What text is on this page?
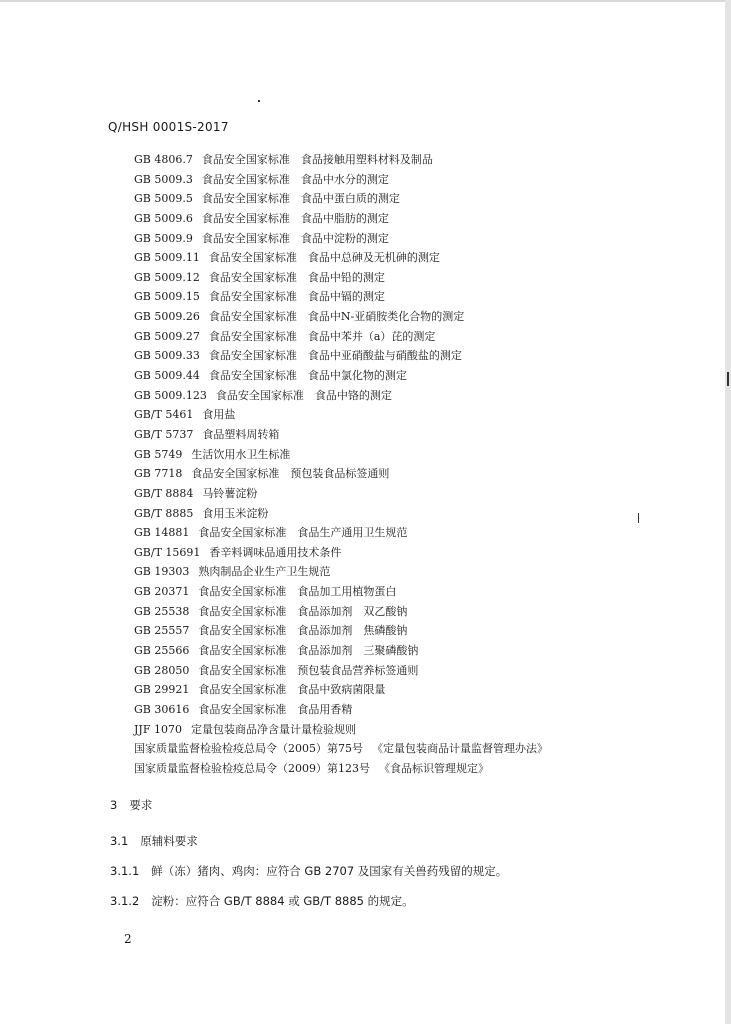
Q/HSH 0001S-2017
GB 4806.7 食品安全国家标准　食品接触用塑料材料及制品
GB 5009.3 食品安全国家标准　食品中水分的测定
GB 5009.5 食品安全国家标准　食品中蛋白质的测定
GB 5009.6 食品安全国家标准　食品中脂肪的测定
GB 5009.9 食品安全国家标准　食品中淀粉的测定
GB 5009.11 食品安全国家标准　食品中总砷及无机砷的测定
GB 5009.12 食品安全国家标准　食品中铅的测定
GB 5009.15 食品安全国家标准　食品中镉的测定
GB 5009.26 食品安全国家标准　食品中N-亚硝胺类化合物的测定
GB 5009.27 食品安全国家标准　食品中苯并（a）芘的测定
GB 5009.33 食品安全国家标准　食品中亚硝酸盐与硝酸盐的测定
GB 5009.44 食品安全国家标准　食品中氯化物的测定
GB 5009.123 食品安全国家标准　食品中铬的测定
GB/T 5461 食用盐
GB/T 5737 食品塑料周转箱
GB 5749 生活饮用水卫生标准
GB 7718 食品安全国家标准　预包装食品标签通则
GB/T 8884 马铃薯淀粉
GB/T 8885 食用玉米淀粉
GB 14881 食品安全国家标准　食品生产通用卫生规范
GB/T 15691 香辛料调味品通用技术条件
GB 19303 熟肉制品企业生产卫生规范
GB 20371 食品安全国家标准　食品加工用植物蛋白
GB 25538 食品安全国家标准　食品添加剂　双乙酸钠
GB 25557 食品安全国家标准　食品添加剂　焦磷酸钠
GB 25566 食品安全国家标准　食品添加剂　三聚磷酸钠
GB 28050 食品安全国家标准　预包装食品营养标签通则
GB 29921 食品安全国家标准　食品中致病菌限量
GB 30616 食品安全国家标准　食品用香精
JJF 1070 定量包装商品净含量计量检验规则
国家质量监督检验检疫总局令（2005）第75号 《定量包装商品计量监督管理办法》
国家质量监督检验检疫总局令（2009）第123号 《食品标识管理规定》
3 要求
3.1 原辅料要求
3.1.1 鲜（冻）猪肉、鸡肉：应符合 GB 2707 及国家有关兽药残留的规定。
3.1.2 淀粉：应符合 GB/T 8884 或 GB/T 8885 的规定。
2
